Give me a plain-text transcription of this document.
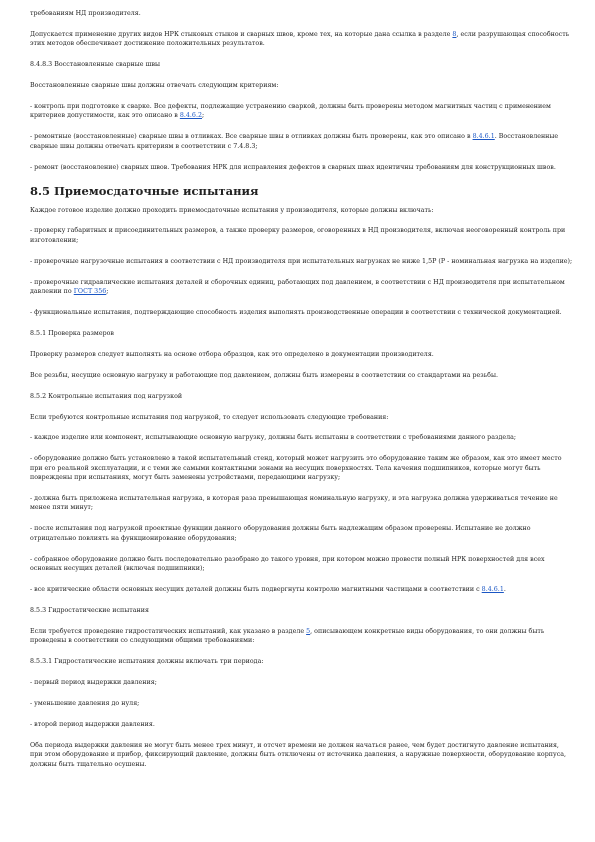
требованиям НД производителя.

Допускается применение других видов НРК стыковых стыков и сварных швов, кроме тех, на которые дана ссылка в разделе 8, если разрушающая способность этих методов обеспечивает достижение положительных результатов.

8.4.8.3 Восстановленные сварные швы

Восстановленные сварные швы должны отвечать следующим критериям:

- контроль при подготовке к сварке. Все дефекты, подлежащие устранению сваркой, должны быть проверены методом магнитных частиц с применением критериев допустимости, как это описано в 8.4.6.2;

- ремонтные (восстановленные) сварные швы в отливках. Все сварные швы в отливках должны быть проверены, как это описано в 8.4.6.1. Восстановленные сварные швы должны отвечать критериям в соответствии с 7.4.8.3;

- ремонт (восстановление) сварных швов. Требования НРК для исправления дефектов в сварных швах идентичны требованиям для конструкционных швов.

8.5 Приемосдаточные испытания

Каждое готовое изделие должно проходить приемосдаточные испытания у производителя, которые должны включать:

- проверку габаритных и присоединительных размеров, а также проверку размеров, оговоренных в НД производителя, включая неоговоренный контроль при изготовлении;

- проверочные нагрузочные испытания в соответствии с НД производителя при испытательных нагрузках не ниже 1,5Р (Р - номинальная нагрузка на изделие);

- проверочные гидравлические испытания деталей и сборочных единиц, работающих под давлением, в соответствии с НД производителя при испытательном давлении по ГОСТ 356;

- функциональные испытания, подтверждающие способность изделия выполнять производственные операции в соответствии с технической документацией.

8.5.1 Проверка размеров

Проверку размеров следует выполнять на основе отбора образцов, как это определено в документации производителя.

Все резьбы, несущие основную нагрузку и работающие под давлением, должны быть измерены в соответствии со стандартами на резьбы.

8.5.2 Контрольные испытания под нагрузкой

Если требуются контрольные испытания под нагрузкой, то следует использовать следующие требования:

- каждое изделие или компонент, испытывающие основную нагрузку, должны быть испытаны в соответствии с требованиями данного раздела;

- оборудование должно быть установлено в такой испытательный стенд, который может нагрузить это оборудование таким же образом, как это имеет место при его реальной эксплуатации, и с теми же самыми контактными зонами на несущих поверхностях. Тела качения подшипников, которые могут быть повреждены при испытаниях, могут быть заменены устройствами, передающими нагрузку;

- должна быть приложена испытательная нагрузка, в которая раза превышающая номинальную нагрузку, и эта нагрузка должна удерживаться течение не менее пяти минут;

- после испытания под нагрузкой проектные функции данного оборудования должны быть надлежащим образом проверены. Испытание не должно отрицательно повлиять на функционирование оборудования;

- собранное оборудование должно быть последовательно разобрано до такого уровня, при котором можно провести полный НРК поверхностей для всех основных несущих деталей (включая подшипники);

- все критические области основных несущих деталей должны быть подвергнуты контролю магнитными частицами в соответствии с 8.4.6.1.

8.5.3 Гидростатические испытания

Если требуется проведение гидростатических испытаний, как указано в разделе 5, описывающем конкретные виды оборудования, то они должны быть проведены в соответствии со следующими общими требованиями:

8.5.3.1 Гидростатические испытания должны включать три периода:

- первый период выдержки давления;

- уменьшение давления до нуля;

- второй период выдержки давления.

Оба периода выдержки давления не могут быть менее трех минут, и отсчет времени не должен начаться ранее, чем будет достигнуто давление испытания, при этом оборудование и прибор, фиксирующий давление, должны быть отключены от источника давления, а наружные поверхности, оборудование корпуса, должны быть тщательно осушены.
